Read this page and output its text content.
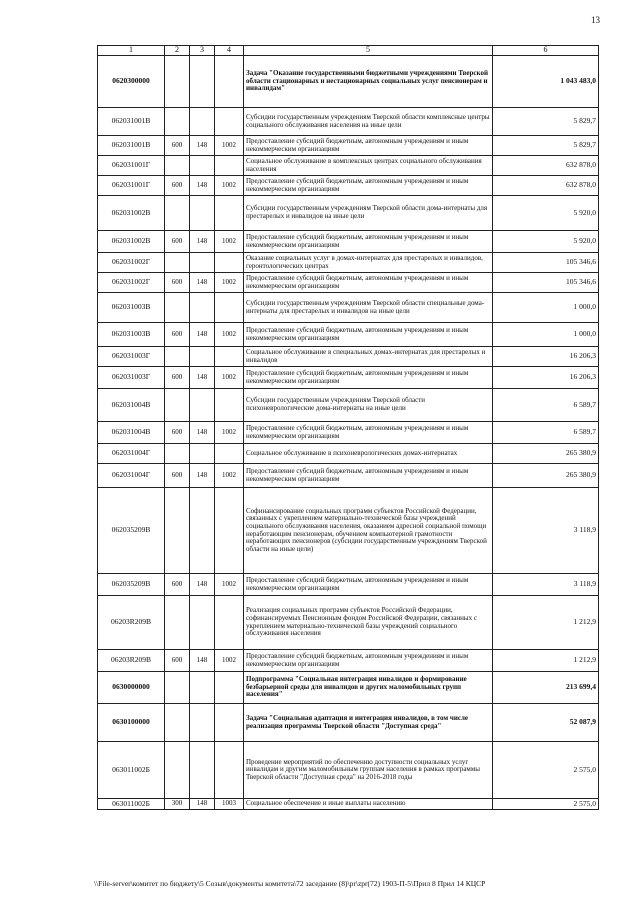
13
1	2	3	4	5	6
0620300000				Задача "Оказание государственными бюджетными учреждениями Тверской области стационарных и нестационарных социальных услуг пенсионерам и инвалидам"	1 043 483,0
062031001В				Субсидии государственным учреждениям Тверской области комплексные центры социального обслуживания населения на иные цели	5 829,7
062031001В	600	148	1002	Предоставление субсидий бюджетным, автономным учреждениям и иным некоммерческим организациям	5 829,7
062031001Г				Социальное обслуживание в комплексных центрах социального обслуживания населения	632 878,0
062031001Г	600	148	1002	Предоставление субсидий бюджетным, автономным учреждениям и иным некоммерческим организациям	632 878,0
062031002В				Субсидии государственным учреждениям Тверской области дома-интернаты для престарелых и инвалидов на иные цели	5 920,0
062031002В	600	148	1002	Предоставление субсидий бюджетным, автономным учреждениям и иным некоммерческим организациям	5 920,0
062031002Г				Оказание социальных услуг в домах-интернатах для престарелых и инвалидов, геронтологических центрах	105 346,6
062031002Г	600	148	1002	Предоставление субсидий бюджетным, автономным учреждениям и иным некоммерческим организациям	105 346,6
062031003В				Субсидии государственным учреждениям Тверской области специальные дома-интернаты для престарелых и инвалидов на иные цели	1 000,0
062031003В	600	148	1002	Предоставление субсидий бюджетным, автономным учреждениям и иным некоммерческим организациям	1 000,0
062031003Г				Социальное обслуживание в специальных домах-интернатах для престарелых и инвалидов	16 206,3
062031003Г	600	148	1002	Предоставление субсидий бюджетным, автономным учреждениям и иным некоммерческим организациям	16 206,3
062031004В				Субсидии государственным учреждениям Тверской области психоневрологические дома-интернаты на иные цели	6 589,7
062031004В	600	148	1002	Предоставление субсидий бюджетным, автономным учреждениям и иным некоммерческим организациям	6 589,7
062031004Г				Социальное обслуживание в психоневрологических домах-интернатах	265 380,9
062031004Г	600	148	1002	Предоставление субсидий бюджетным, автономным учреждениям и иным некоммерческим организациям	265 380,9
062035209В				Софинансирование социальных программ субъектов Российской Федерации, связанных с укреплением материально-технической базы учреждений социального обслуживания населения, оказанием адресной социальной помощи неработающим пенсионерам, обучением компьютерной грамотности неработающих пенсионеров (субсидии государственным учреждениям Тверской области на иные цели)	3 118,9
062035209В	600	148	1002	Предоставление субсидий бюджетным, автономным учреждениям и иным некоммерческим организациям	3 118,9
06203R209В				Реализация социальных программ субъектов Российской Федерации, софинансируемых Пенсионным фондом Российской Федерации, связанных с укреплением материально-технической базы учреждений социального обслуживания населения	1 212,9
06203R209В	600	148	1002	Предоставление субсидий бюджетным, автономным учреждениям и иным некоммерческим организациям	1 212,9
0630000000				Подпрограмма "Социальная интеграция инвалидов и формирование безбарьерной среды для инвалидов и других маломобильных групп населения"	213 699,4
0630100000				Задача "Социальная адаптация и интеграция инвалидов, в том числе реализация программы Тверской области "Доступная среда"	52 087,9
063011002Б				Проведение мероприятий по обеспечению доступности социальных услуг инвалидам и другим маломобильным группам населения в рамках программы Тверской области "Доступная среда" на 2016-2018 годы	2 575,0
063011002Б	300	148	1003	Социальное обеспечение и иные выплаты населению	2 575,0
\\File-server\комитет по бюджету\5 Созыв\документы комитета\72 заседание (8)\pr\zpr(72) 1903-П-5\Прил 8 Прил 14 КЦСР
